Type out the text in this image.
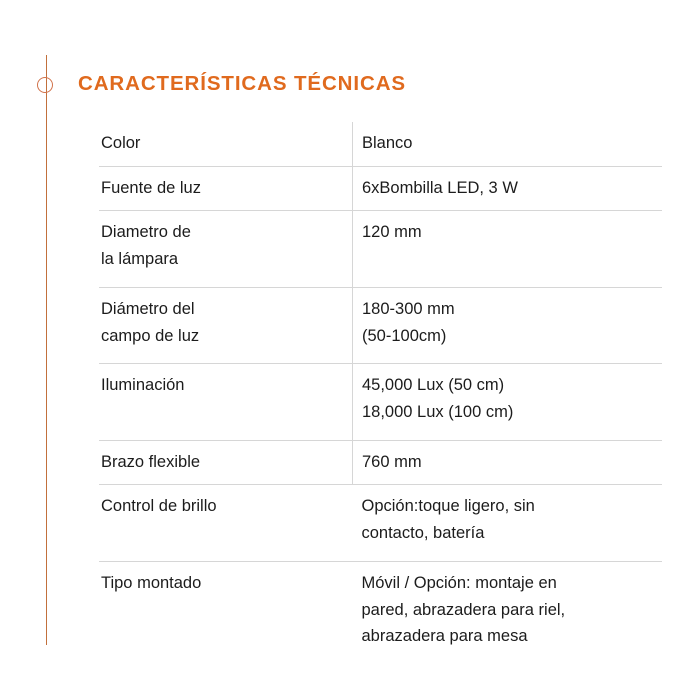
CARACTERÍSTICAS TÉCNICAS
Color	Blanco

Fuente de luz	6xBombilla LED, 3 W

Diametro de
la lámpara	120 mm

Diámetro del
campo de luz	180-300 mm
(50-100cm)

Iluminación	45,000 Lux (50 cm)
18,000 Lux (100 cm)

Brazo flexible	760 mm

Control de brillo	Opción:toque ligero, sin
contacto, batería

Tipo montado	Móvil / Opción: montaje en
pared, abrazadera para riel,
abrazadera para mesa
